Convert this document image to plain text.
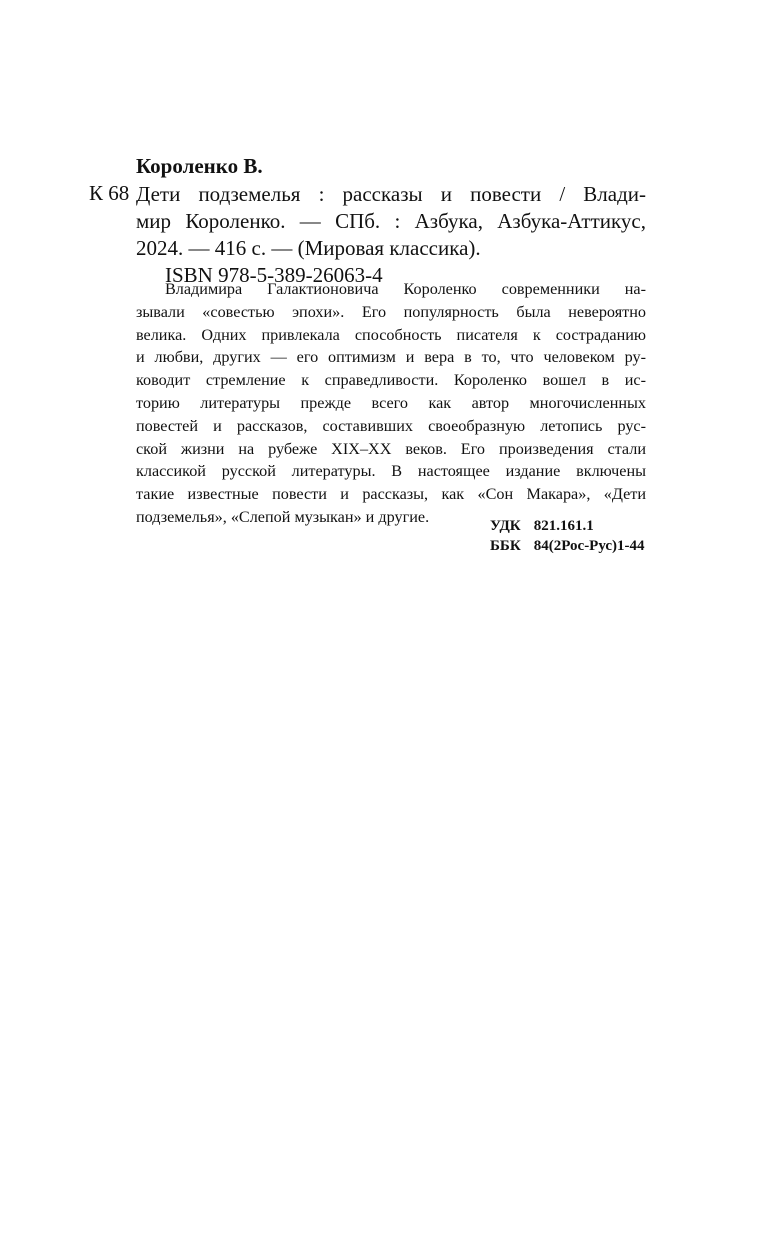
Короленко В.
К 68 Дети подземелья : рассказы и повести / Влади-
мир Короленко. — СПб. : Азбука, Азбука-Аттикус,
2024. — 416 с. — (Мировая классика).
ISBN 978-5-389-26063-4
Владимира Галактионовича Короленко современники на-
зывали «совестью эпохи». Его популярность была невероятно
велика. Одних привлекала способность писателя к состраданию
и любви, других — его оптимизм и вера в то, что человеком ру-
ководит стремление к справедливости. Короленко вошел в ис-
торию литературы прежде всего как автор многочисленных
повестей и рассказов, составивших своеобразную летопись рус-
ской жизни на рубеже XIX–XX веков. Его произведения стали
классикой русской литературы. В настоящее издание включены
такие известные повести и рассказы, как «Сон Макара», «Дети
подземелья», «Слепой музыкан» и другие.
УДК 821.161.1
ББК 84(2Рос-Рус)1-44
